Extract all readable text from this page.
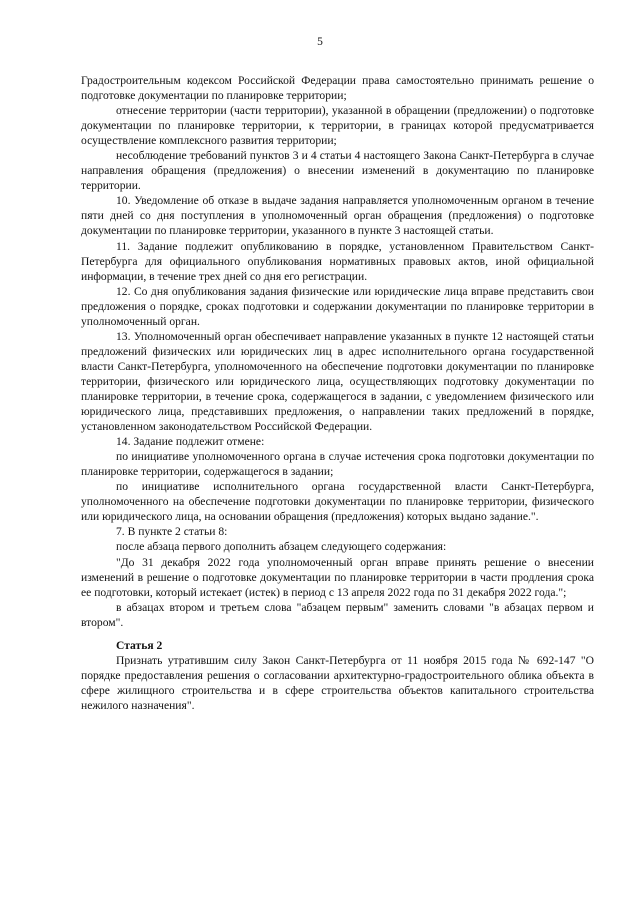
5

Градостроительным кодексом Российской Федерации права самостоятельно принимать решение о подготовке документации по планировке территории;

отнесение территории (части территории), указанной в обращении (предложении) о подготовке документации по планировке территории, к территории, в границах которой предусматривается осуществление комплексного развития территории;

несоблюдение требований пунктов 3 и 4 статьи 4 настоящего Закона Санкт-Петербурга в случае направления обращения (предложения) о внесении изменений в документацию по планировке территории.

10. Уведомление об отказе в выдаче задания направляется уполномоченным органом в течение пяти дней со дня поступления в уполномоченный орган обращения (предложения) о подготовке документации по планировке территории, указанного в пункте 3 настоящей статьи.

11. Задание подлежит опубликованию в порядке, установленном Правительством Санкт-Петербурга для официального опубликования нормативных правовых актов, иной официальной информации, в течение трех дней со дня его регистрации.

12. Со дня опубликования задания физические или юридические лица вправе представить свои предложения о порядке, сроках подготовки и содержании документации по планировке территории в уполномоченный орган.

13. Уполномоченный орган обеспечивает направление указанных в пункте 12 настоящей статьи предложений физических или юридических лиц в адрес исполнительного органа государственной власти Санкт-Петербурга, уполномоченного на обеспечение подготовки документации по планировке территории, физического или юридического лица, осуществляющих подготовку документации по планировке территории, в течение срока, содержащегося в задании, с уведомлением физического или юридического лица, представивших предложения, о направлении таких предложений в порядке, установленном законодательством Российской Федерации.

14. Задание подлежит отмене:

по инициативе уполномоченного органа в случае истечения срока подготовки документации по планировке территории, содержащегося в задании;

по инициативе исполнительного органа государственной власти Санкт-Петербурга, уполномоченного на обеспечение подготовки документации по планировке территории, физического или юридического лица, на основании обращения (предложения) которых выдано задание.".

7. В пункте 2 статьи 8:

после абзаца первого дополнить абзацем следующего содержания:

"До 31 декабря 2022 года уполномоченный орган вправе принять решение о внесении изменений в решение о подготовке документации по планировке территории в части продления срока ее подготовки, который истекает (истек) в период с 13 апреля 2022 года по 31 декабря 2022 года.";

в абзацах втором и третьем слова "абзацем первым" заменить словами "в абзацах первом и втором".

Статья 2

Признать утратившим силу Закон Санкт-Петербурга от 11 ноября 2015 года № 692-147 "О порядке предоставления решения о согласовании архитектурно-градостроительного облика объекта в сфере жилищного строительства и в сфере строительства объектов капитального строительства нежилого назначения".
